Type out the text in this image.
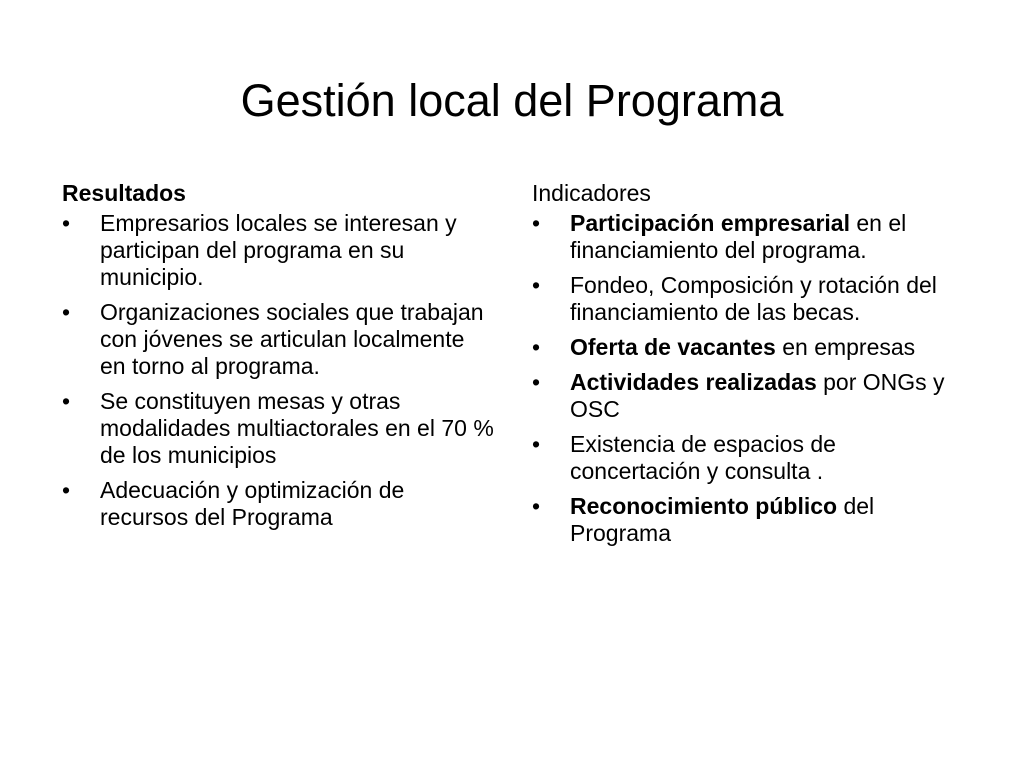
Gestión local del Programa
Resultados
•	Empresarios locales se interesan y participan del programa en su municipio.
•	Organizaciones sociales que trabajan con jóvenes se articulan localmente en torno al programa.
•	Se constituyen mesas y otras modalidades multiactorales en el 70 % de los municipios
•	Adecuación y optimización de recursos del Programa
Indicadores
•	Participación empresarial en el financiamiento del programa.
•	Fondeo, Composición y rotación del financiamiento de las becas.
•	Oferta de vacantes en empresas
•	Actividades realizadas por ONGs y OSC
•	Existencia de espacios de concertación y consulta .
•	Reconocimiento público del Programa
